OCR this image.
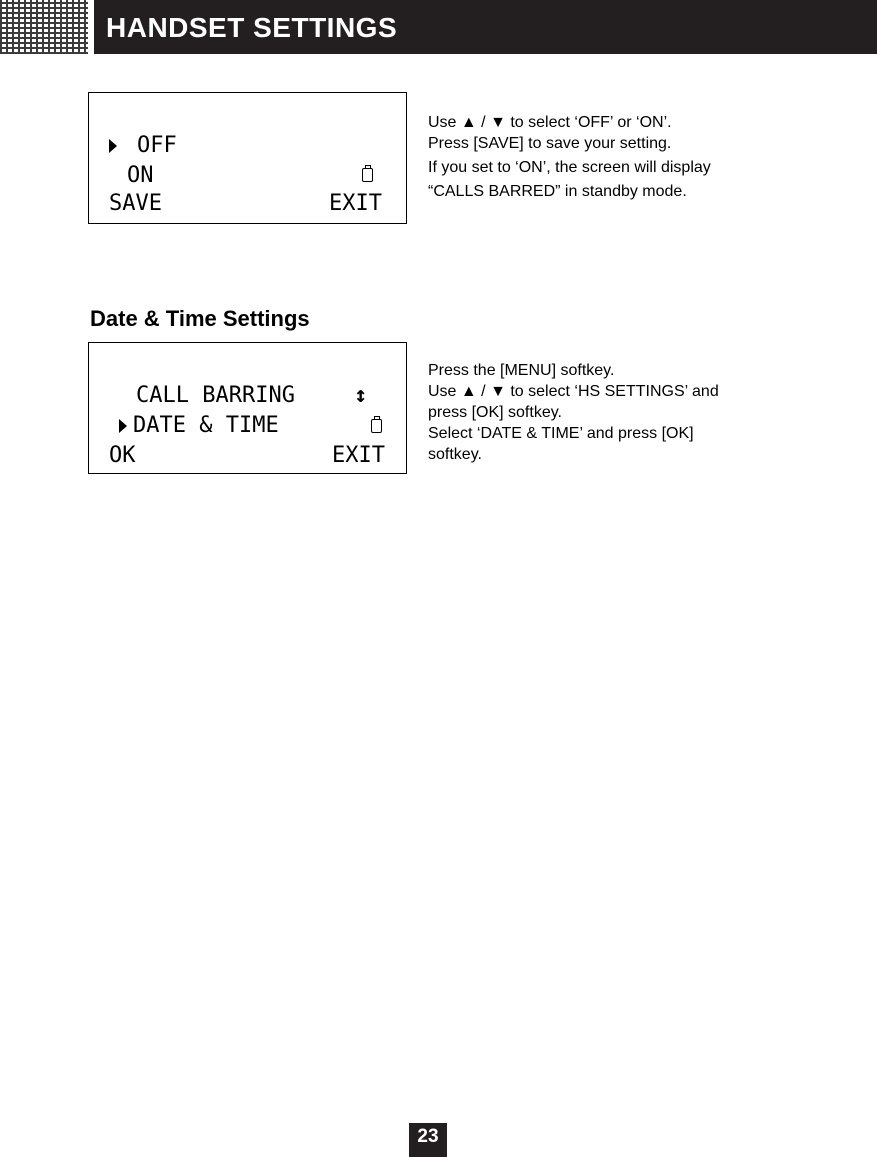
HANDSET SETTINGS
OFF
ON
SAVE	EXIT

Use ▲ / ▼ to select ‘OFF’ or ‘ON’.

Press [SAVE] to save your setting.

If you set to ‘ON’, the screen will display

“CALLS BARRED” in standby mode.

Date & Time Settings
CALL BARRING	↕
DATE & TIME
OK	EXIT

Press the [MENU] softkey.

Use ▲ / ▼ to select ‘HS SETTINGS’ and

press [OK] softkey.

Select ‘DATE & TIME’ and press [OK]

softkey.

23
